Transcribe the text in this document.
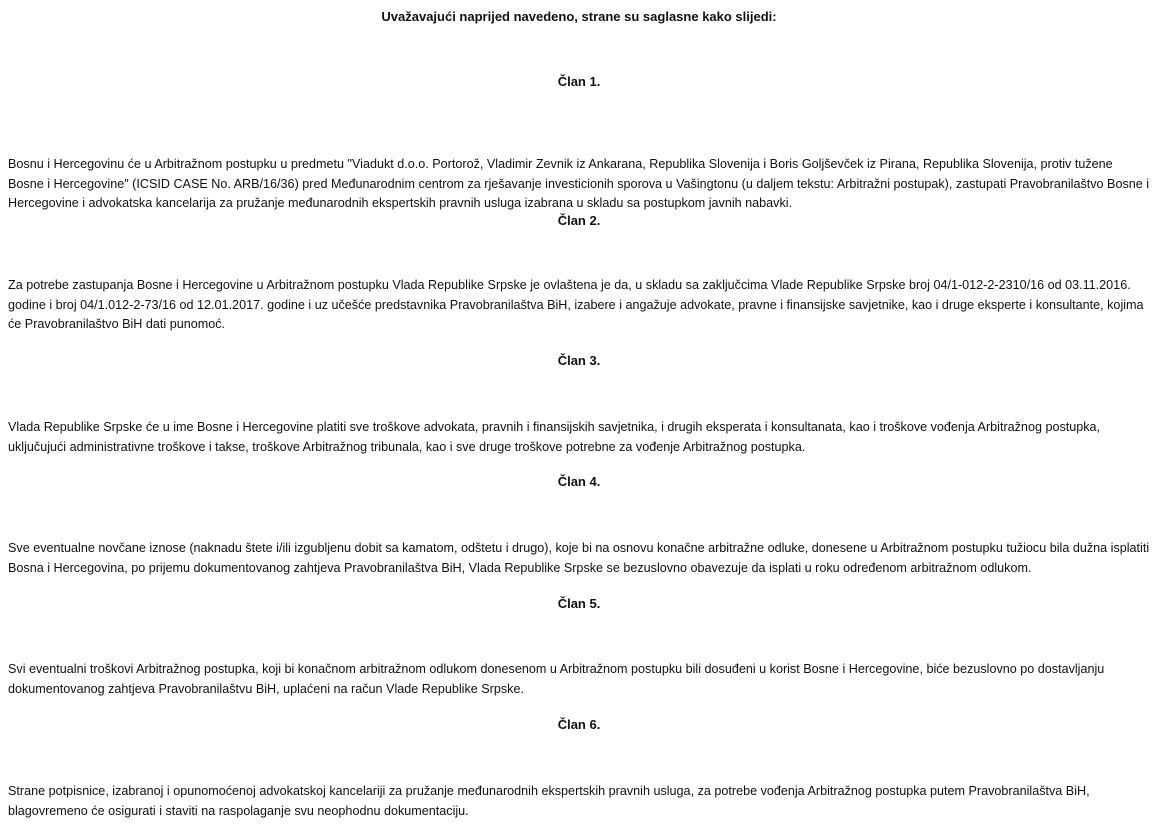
Uvažavajući naprijed navedeno, strane su saglasne kako slijedi:
Član 1.
Bosnu i Hercegovinu će u Arbitražnom postupku u predmetu "Viadukt d.o.o. Portorož, Vladimir Zevnik iz Ankarana, Republika Slovenija i Boris Goljševček iz Pirana, Republika Slovenija, protiv tužene Bosne i Hercegovine" (ICSID CASE No. ARB/16/36) pred Međunarodnim centrom za rješavanje investicionih sporova u Vašingtonu (u daljem tekstu: Arbitražni postupak), zastupati Pravobranilaštvo Bosne i Hercegovine i advokatska kancelarija za pružanje međunarodnih ekspertskih pravnih usluga izabrana u skladu sa postupkom javnih nabavki.
Član 2.
Za potrebe zastupanja Bosne i Hercegovine u Arbitražnom postupku Vlada Republike Srpske je ovlaštena je da, u skladu sa zaključcima Vlade Republike Srpske broj 04/1-012-2-2310/16 od 03.11.2016. godine i broj 04/1.012-2-73/16 od 12.01.2017. godine i uz učešće predstavnika Pravobranilaštva BiH, izabere i angažuje advokate, pravne i finansijske savjetnike, kao i druge eksperte i konsultante, kojima će Pravobranilaštvo BiH dati punomoć.
Član 3.
Vlada Republike Srpske će u ime Bosne i Hercegovine platiti sve troškove advokata, pravnih i finansijskih savjetnika, i drugih eksperata i konsultanata, kao i troškove vođenja Arbitražnog postupka, uključujući administrativne troškove i takse, troškove Arbitražnog tribunala, kao i sve druge troškove potrebne za vođenje Arbitražnog postupka.
Član 4.
Sve eventualne novčane iznose (naknadu štete i/ili izgubljenu dobit sa kamatom, odštetu i drugo), koje bi na osnovu konačne arbitražne odluke, donesene u Arbitražnom postupku tužiocu bila dužna isplatiti Bosna i Hercegovina, po prijemu dokumentovanog zahtjeva Pravobranilaštva BiH, Vlada Republike Srpske se bezuslovno obavezuje da isplati u roku određenom arbitražnom odlukom.
Član 5.
Svi eventualni troškovi Arbitražnog postupka, koji bi konačnom arbitražnom odlukom donesenom u Arbitražnom postupku bili dosuđeni u korist Bosne i Hercegovine, biće bezuslovno po dostavljanju dokumentovanog zahtjeva Pravobranilaštvu BiH, uplaćeni na račun Vlade Republike Srpske.
Član 6.
Strane potpisnice, izabranoj i opunomoćenoj advokatskoj kancelariji za pružanje međunarodnih ekspertskih pravnih usluga, za potrebe vođenja Arbitražnog postupka putem Pravobranilaštva BiH, blagovremeno će osigurati i staviti na raspolaganje svu neophodnu dokumentaciju.
